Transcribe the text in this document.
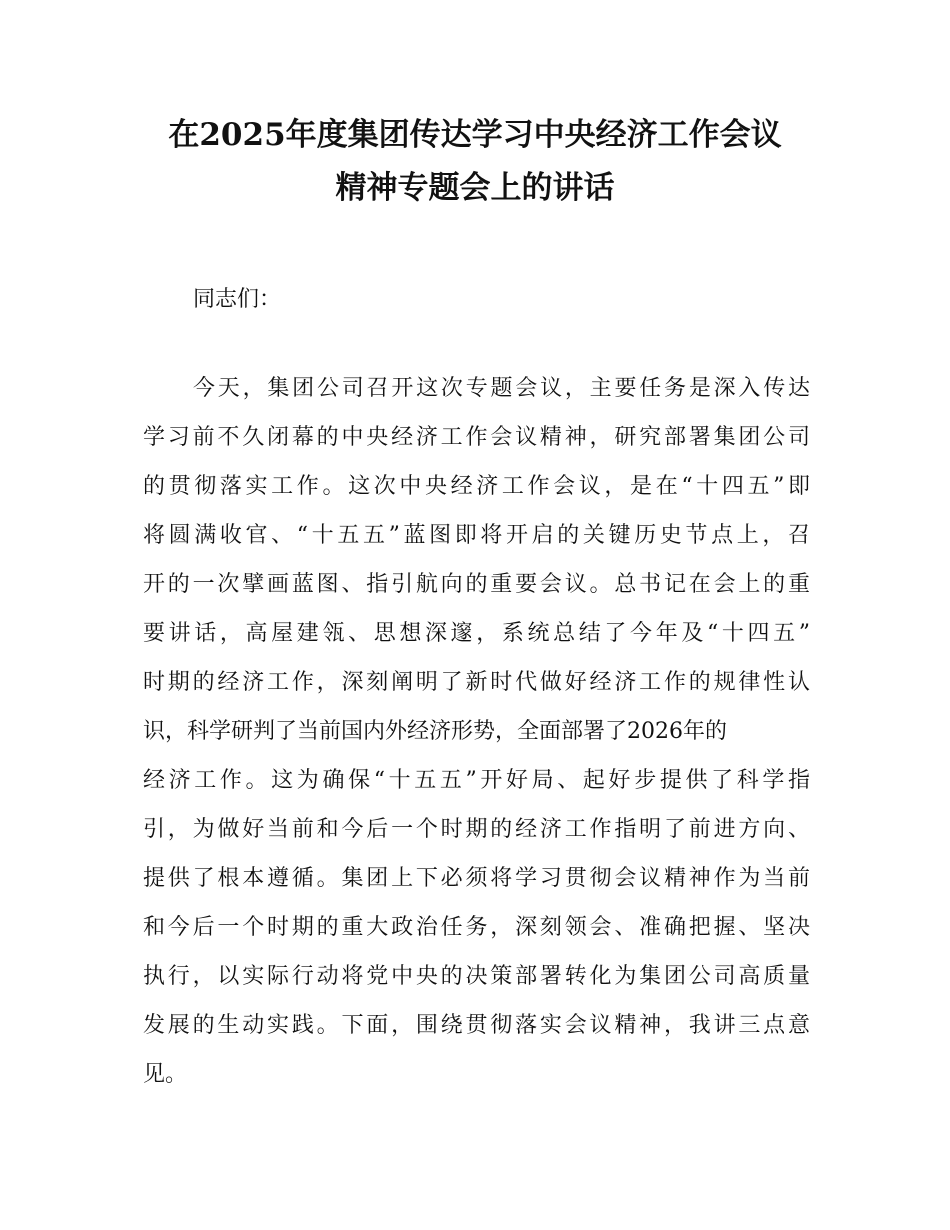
在2025年度集团传达学习中央经济工作会议
精神专题会上的讲话
同志们：
今天，集团公司召开这次专题会议，主要任务是深入传达
学习前不久闭幕的中央经济工作会议精神，研究部署集团公司
的贯彻落实工作。这次中央经济工作会议，是在“十四五”即
将圆满收官、“十五五”蓝图即将开启的关键历史节点上，召
开的一次擘画蓝图、指引航向的重要会议。总书记在会上的重
要讲话，高屋建瓴、思想深邃，系统总结了今年及“十四五”
时期的经济工作，深刻阐明了新时代做好经济工作的规律性认
识，科学研判了当前国内外经济形势，全面部署了2026年的
经济工作。这为确保“十五五”开好局、起好步提供了科学指
引，为做好当前和今后一个时期的经济工作指明了前进方向、
提供了根本遵循。集团上下必须将学习贯彻会议精神作为当前
和今后一个时期的重大政治任务，深刻领会、准确把握、坚决
执行，以实际行动将党中央的决策部署转化为集团公司高质量
发展的生动实践。下面，围绕贯彻落实会议精神，我讲三点意
见。
